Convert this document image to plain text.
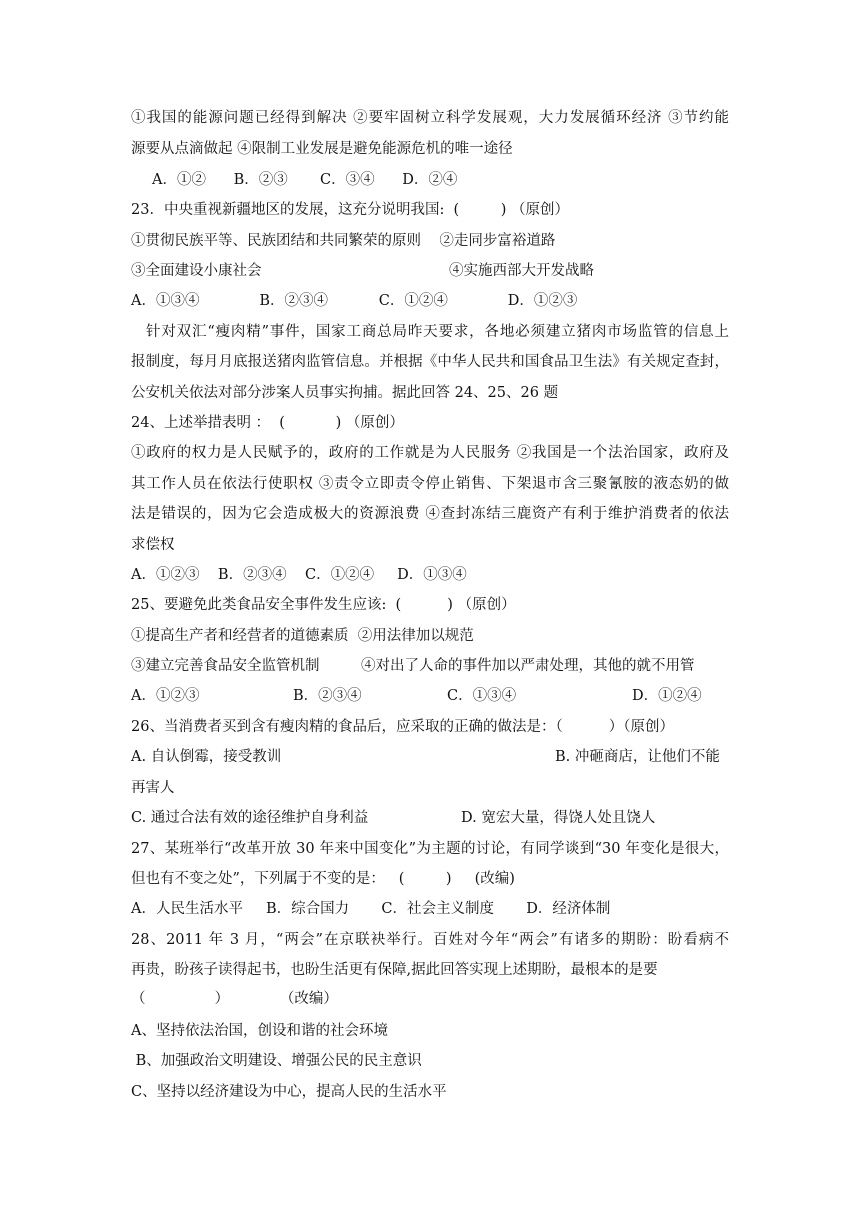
①我国的能源问题已经得到解决 ②要牢固树立科学发展观，大力发展循环经济 ③节约能
源要从点滴做起 ④限制工业发展是避免能源危机的唯一途径
A．①②      B．②③       C．③④      D．②④
23．中央重视新疆地区的发展，这充分说明我国:  (         ) （原创）
①贯彻民族平等、民族团结和共同繁荣的原则    ②走同步富裕道路
③全面建设小康社会	④实施西部大开发战略
A．①③④             B．②③④           C．①②④             D．①②③
针对双汇“瘦肉精”事件，国家工商总局昨天要求，各地必须建立猪肉市场监管的信息上
报制度，每月月底报送猪肉监管信息。并根据《中华人民共和国食品卫生法》有关规定查封，
公安机关依法对部分涉案人员事实拘捕。据此回答 24、25、26 题
24、上述举措表明 ：  (           ) （原创）
①政府的权力是人民赋予的，政府的工作就是为人民服务 ②我国是一个法治国家，政府及
其工作人员在依法行使职权 ③责令立即责令停止销售、下架退市含三聚氰胺的液态奶的做
法是错误的，因为它会造成极大的资源浪费 ④查封冻结三鹿资产有利于维护消费者的依法
求偿权
A．①②③    B．②③④    C．①②④     D．①③④
25、要避免此类食品安全事件发生应该:  (          ) （原创）
①提高生产者和经营者的道德素质  ②用法律加以规范
③建立完善食品安全监管机制         ④对出了人命的事件加以严肃处理，其他的就不用管
A．①②③	B．②③④	C．①③④	D．①②④
26、当消费者买到含有瘦肉精的食品后，应采取的正确的做法是：（          ）（原创）
A. 自认倒霉，接受教训	B. 冲砸商店，让他们不能
再害人
C. 通过合法有效的途径维护自身利益	D. 宽宏大量，得饶人处且饶人
27、某班举行“改革开放 30 年来中国变化”为主题的讨论，有同学谈到“30 年变化是很大，
但也有不变之处”，下列属于不变的是：   (         )     (改编)
A．人民生活水平     B．综合国力       C．社会主义制度       D．经济体制
28、2011 年 3 月，“两会”在京联袂举行。百姓对今年“两会”有诸多的期盼：盼看病不
再贵，盼孩子读得起书，也盼生活更有保障,据此回答实现上述期盼，最根本的是要
（               ）           （改编）
A、坚持依法治国，创设和谐的社会环境
B、加强政治文明建设、增强公民的民主意识
C、坚持以经济建设为中心，提高人民的生活水平
